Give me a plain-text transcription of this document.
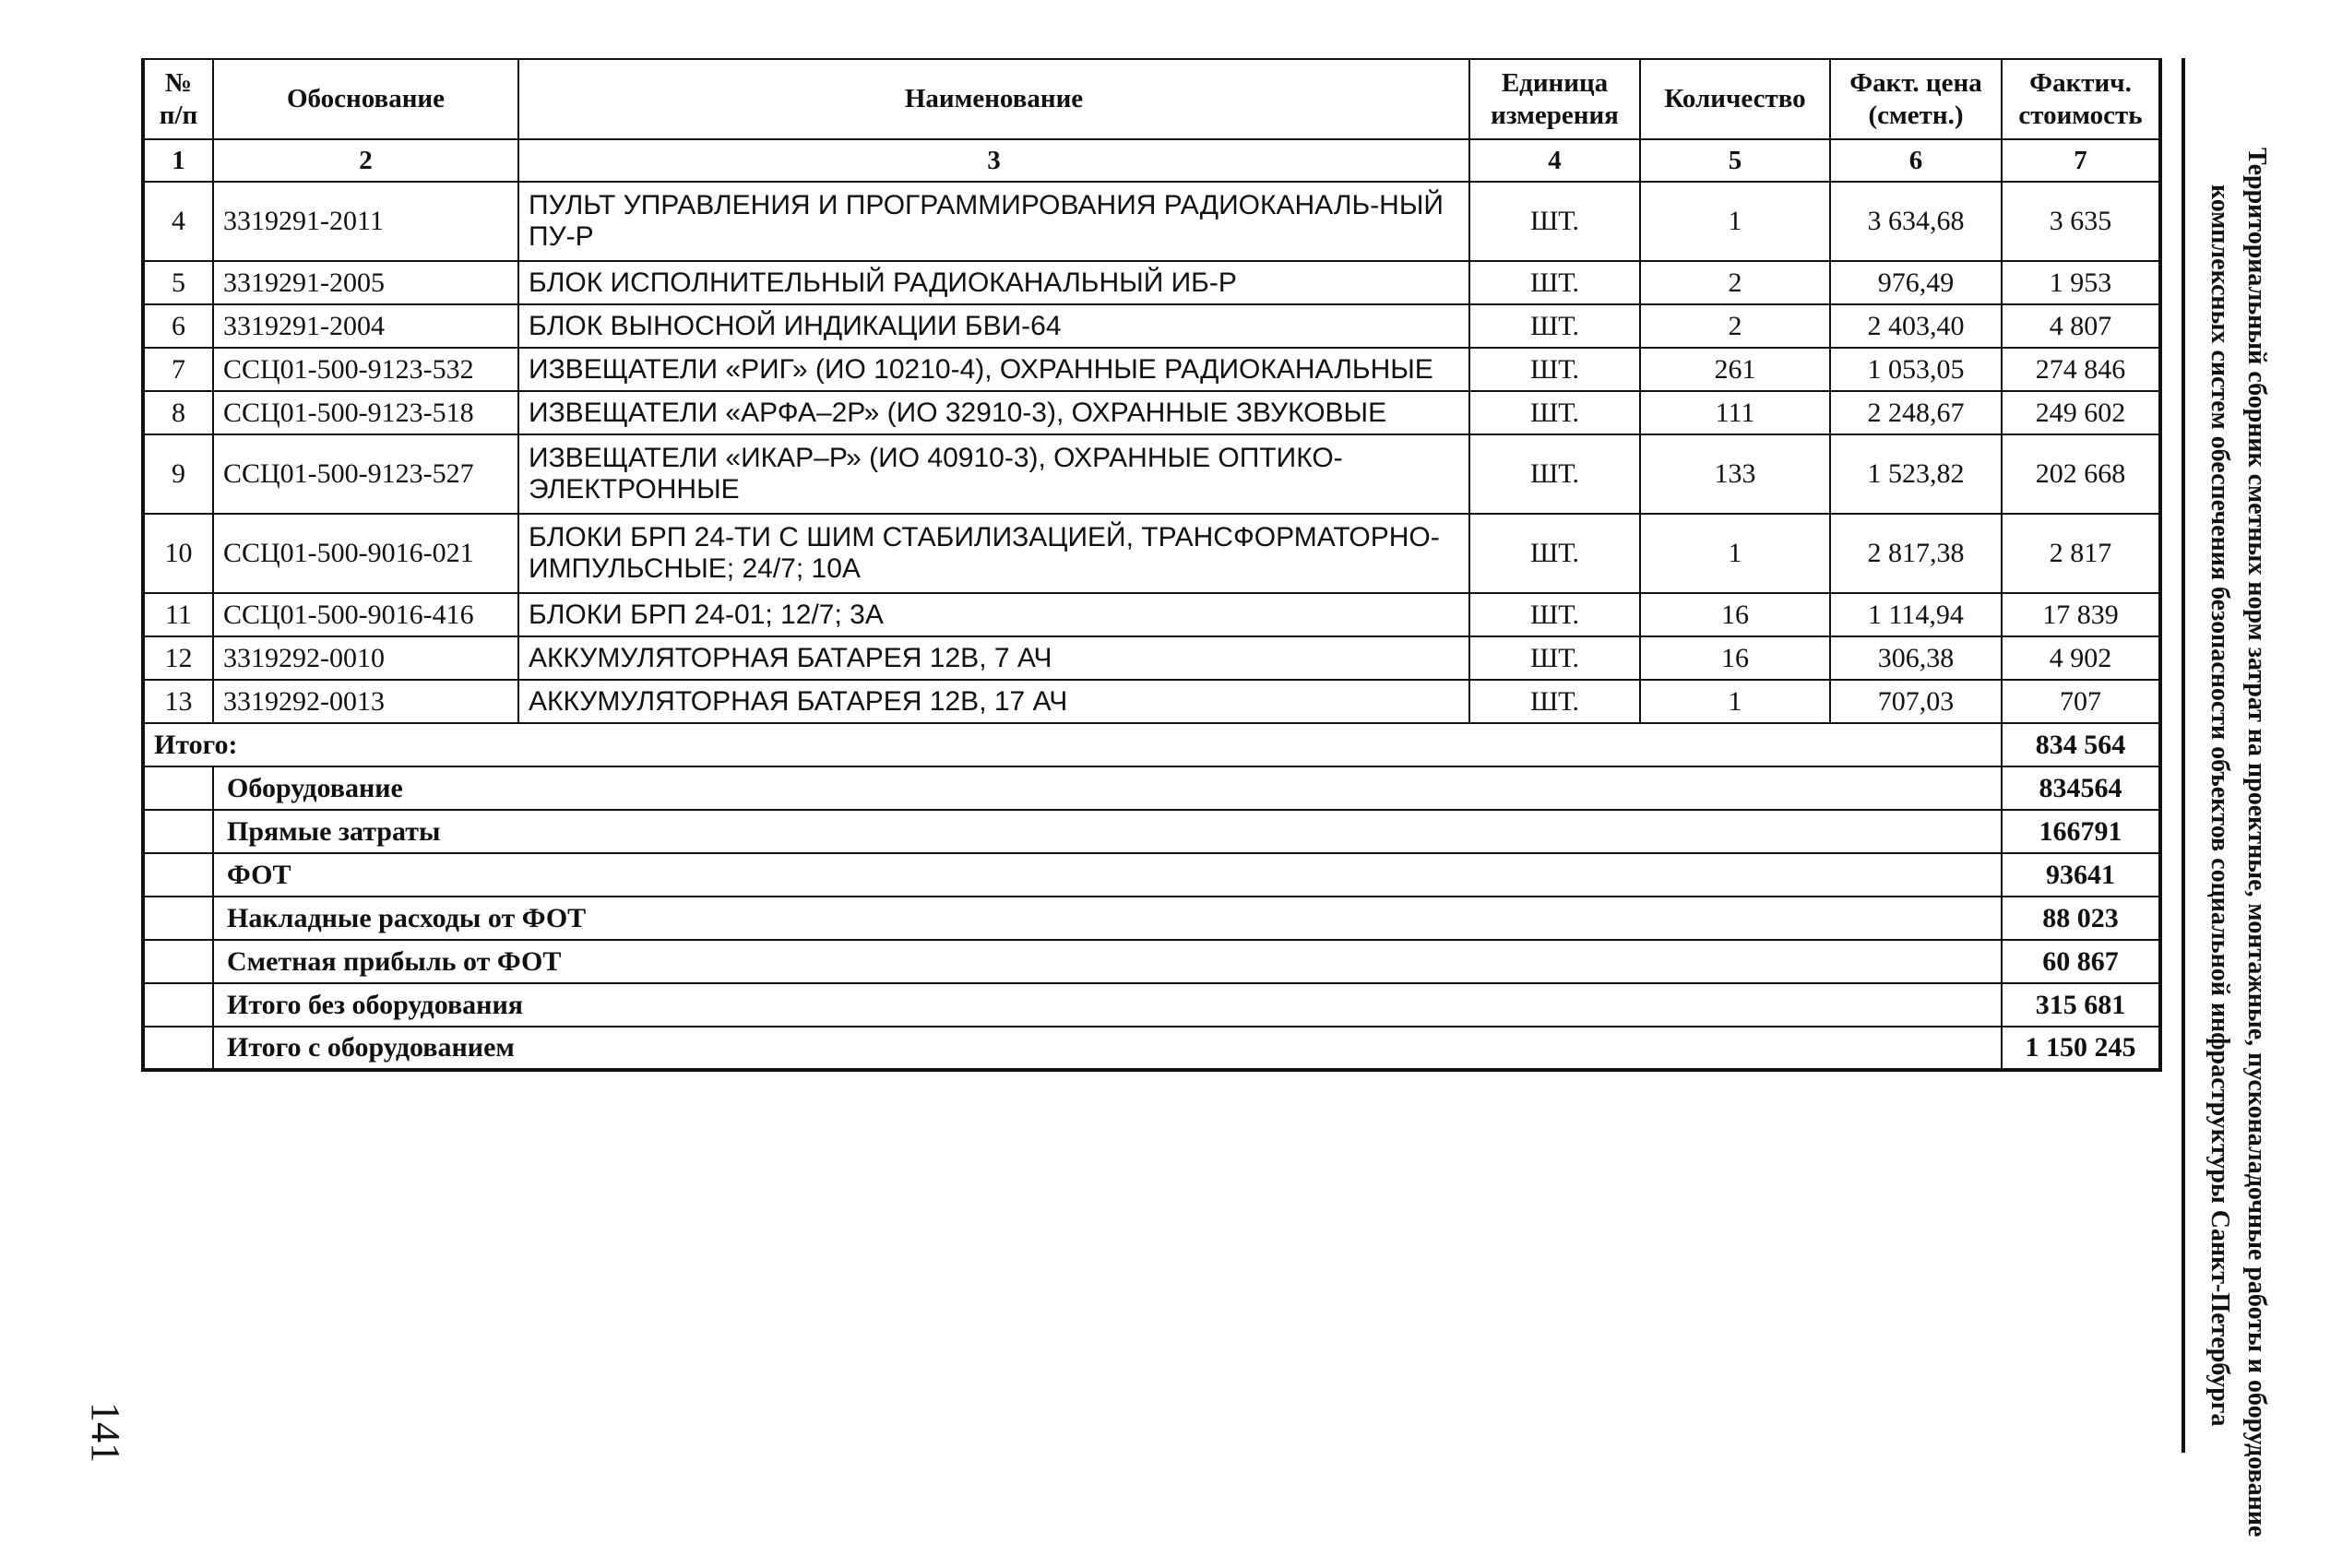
№
п/п	Обоснование	Наименование	Единица измерения	Количество	Факт. цена (сметн.)	Фактич. стоимость
1	2	3	4	5	6	7
4	3319291-2011	ПУЛЬТ УПРАВЛЕНИЯ И ПРОГРАММИРОВАНИЯ РАДИОКАНАЛЬ-НЫЙ ПУ-Р	ШТ.	1	3 634,68	3 635
5	3319291-2005	БЛОК ИСПОЛНИТЕЛЬНЫЙ РАДИОКАНАЛЬНЫЙ ИБ-Р	ШТ.	2	976,49	1 953
6	3319291-2004	БЛОК ВЫНОСНОЙ ИНДИКАЦИИ БВИ-64	ШТ.	2	2 403,40	4 807
7	ССЦ01-500-9123-532	ИЗВЕЩАТЕЛИ «РИГ» (ИО 10210-4), ОХРАННЫЕ РАДИОКАНАЛЬНЫЕ	ШТ.	261	1 053,05	274 846
8	ССЦ01-500-9123-518	ИЗВЕЩАТЕЛИ «АРФА–2Р» (ИО 32910-3), ОХРАННЫЕ ЗВУКОВЫЕ	ШТ.	111	2 248,67	249 602
9	ССЦ01-500-9123-527	ИЗВЕЩАТЕЛИ «ИКАР–Р» (ИО 40910-3), ОХРАННЫЕ ОПТИКО-ЭЛЕКТРОННЫЕ	ШТ.	133	1 523,82	202 668
10	ССЦ01-500-9016-021	БЛОКИ БРП 24-ТИ С ШИМ СТАБИЛИЗАЦИЕЙ, ТРАНСФОРМАТОРНО-ИМПУЛЬСНЫЕ; 24/7; 10А	ШТ.	1	2 817,38	2 817
11	ССЦ01-500-9016-416	БЛОКИ БРП 24-01; 12/7; 3А	ШТ.	16	1 114,94	17 839
12	3319292-0010	АККУМУЛЯТОРНАЯ БАТАРЕЯ 12В, 7 АЧ	ШТ.	16	306,38	4 902
13	3319292-0013	АККУМУЛЯТОРНАЯ БАТАРЕЯ 12В, 17 АЧ	ШТ.	1	707,03	707
Итого:						834 564
	Оборудование					834564
	Прямые затраты					166791
	ФОТ					93641
	Накладные расходы от ФОТ					88 023
	Сметная прибыль от ФОТ					60 867
	Итого без оборудования					315 681
	Итого с оборудованием					1 150 245	Территориальный сборник сметных норм затрат на проектные, монтажные, пусконаладочные работы и оборудование
комплексных систем обеспечения безопасности объектов социальной инфраструктуры Санкт-Петербурга
141
